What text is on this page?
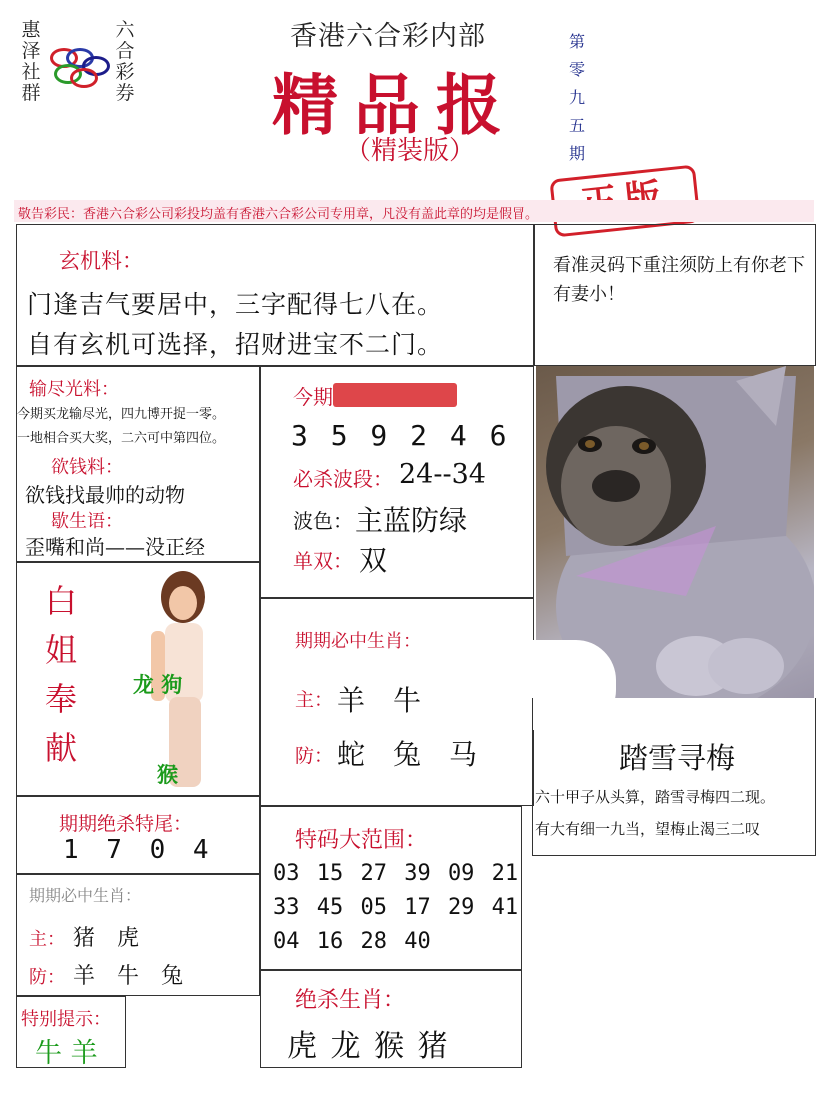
惠泽社群
六合彩券
香港六合彩内部
精品报
（精装版）
第零九五期
敬告彩民：香港六合彩公司彩投均盖有香港六合彩公司专用章，凡没有盖此章的均是假冒。
玄机料：
门逢吉气要居中，三字配得七八在。
自有玄机可选择，招财进宝不二门。
看准灵码下重注须防上有你老下有妻小！
输尽光料：
今期买龙输尽光，四九博开捉一零。
一地相合买大奖，二六可中第四位。
欲钱料：
欲钱找最帅的动物
歇生语：
歪嘴和尚——没正经
今期
3 5 9 2 4 6
必杀波段： 24--34
波色： 主蓝防绿
单双： 双
白
姐
奉
献
龙 狗
猴
期期必中生肖：
主： 羊　牛
防： 蛇　兔　马	踏雪寻梅
六十甲子从头算，踏雪寻梅四二现。
有大有细一九当，望梅止渴三二叹
期期绝杀特尾：
1 7 0 4	特码大范围：
03 15 27 39 09 21
33 45 05 17 29 41
04 16 28 40
期期必中生肖：
主： 猪　虎
防： 羊　牛　兔
绝杀生肖：
虎 龙 猴 猪
特别提示：
牛 羊
